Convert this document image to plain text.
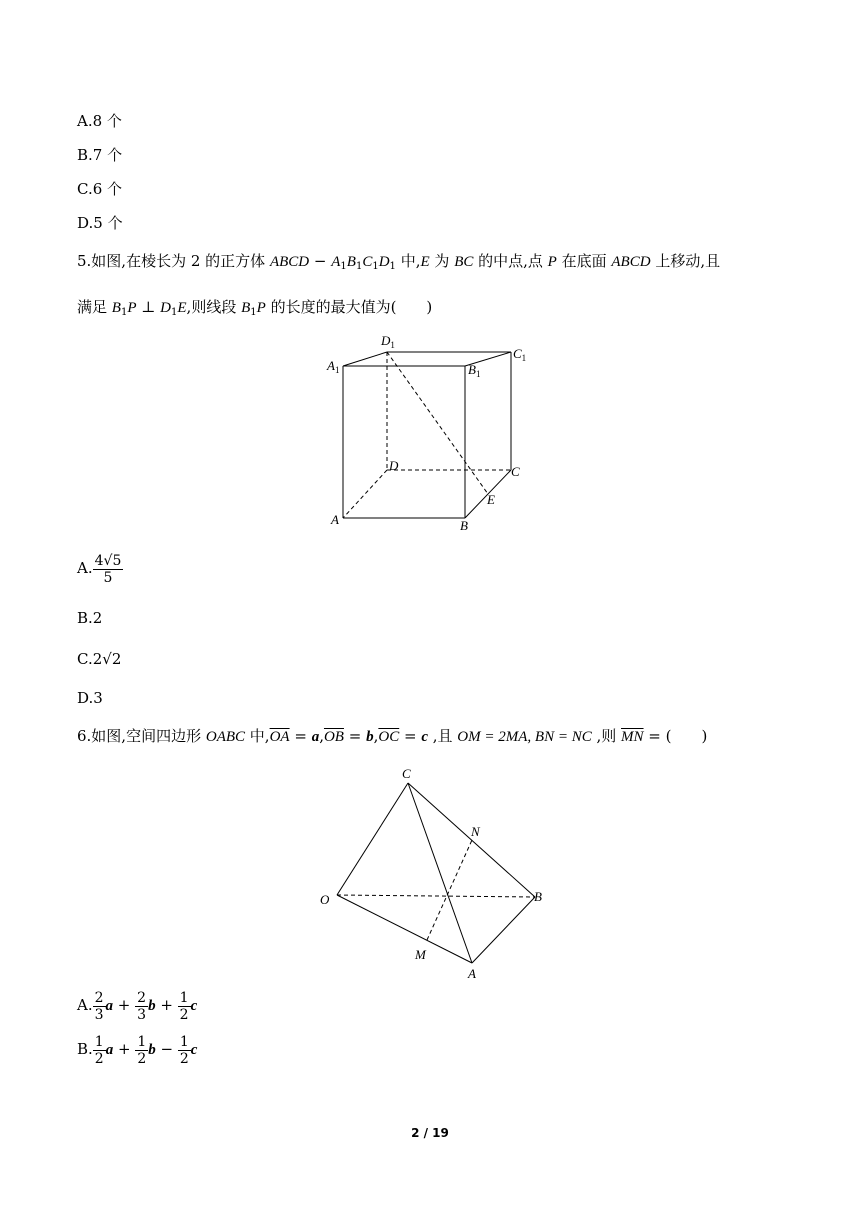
A.8 个
B.7 个
C.6 个
D.5 个
5.如图,在棱长为 2 的正方体 ABCD − $A_1B_1C_1D_1$ 中,E 为 BC 的中点,点 P 在底面 ABCD 上移动,且
满足 $B_1P$ ⊥ $D_1E$,则线段 $B_1P$ 的长度的最大值为(　　)
$D_1$
$C_1$
$A_1$	$B_1$
D	C
E
A	B
A. $\frac{4√5}{5}$
B.2
C.2√2
D.3
6.如图,空间四边形 OABC 中$,\overline{OA} = a,\overline{OB} = b,\overline{OC} = c$ ,且 OM = 2MA, BN = NC ,则 $\overline{MN}$ = (　　)
C
N
O	B
M
A
A. $\frac{2}{3}$ $a + \frac{2}{3}$ $b + \frac{1}{2}$ c
B. $\frac{1}{2}$ $a + \frac{1}{2}$ $b - \frac{1}{2}$ c
2 / 19
